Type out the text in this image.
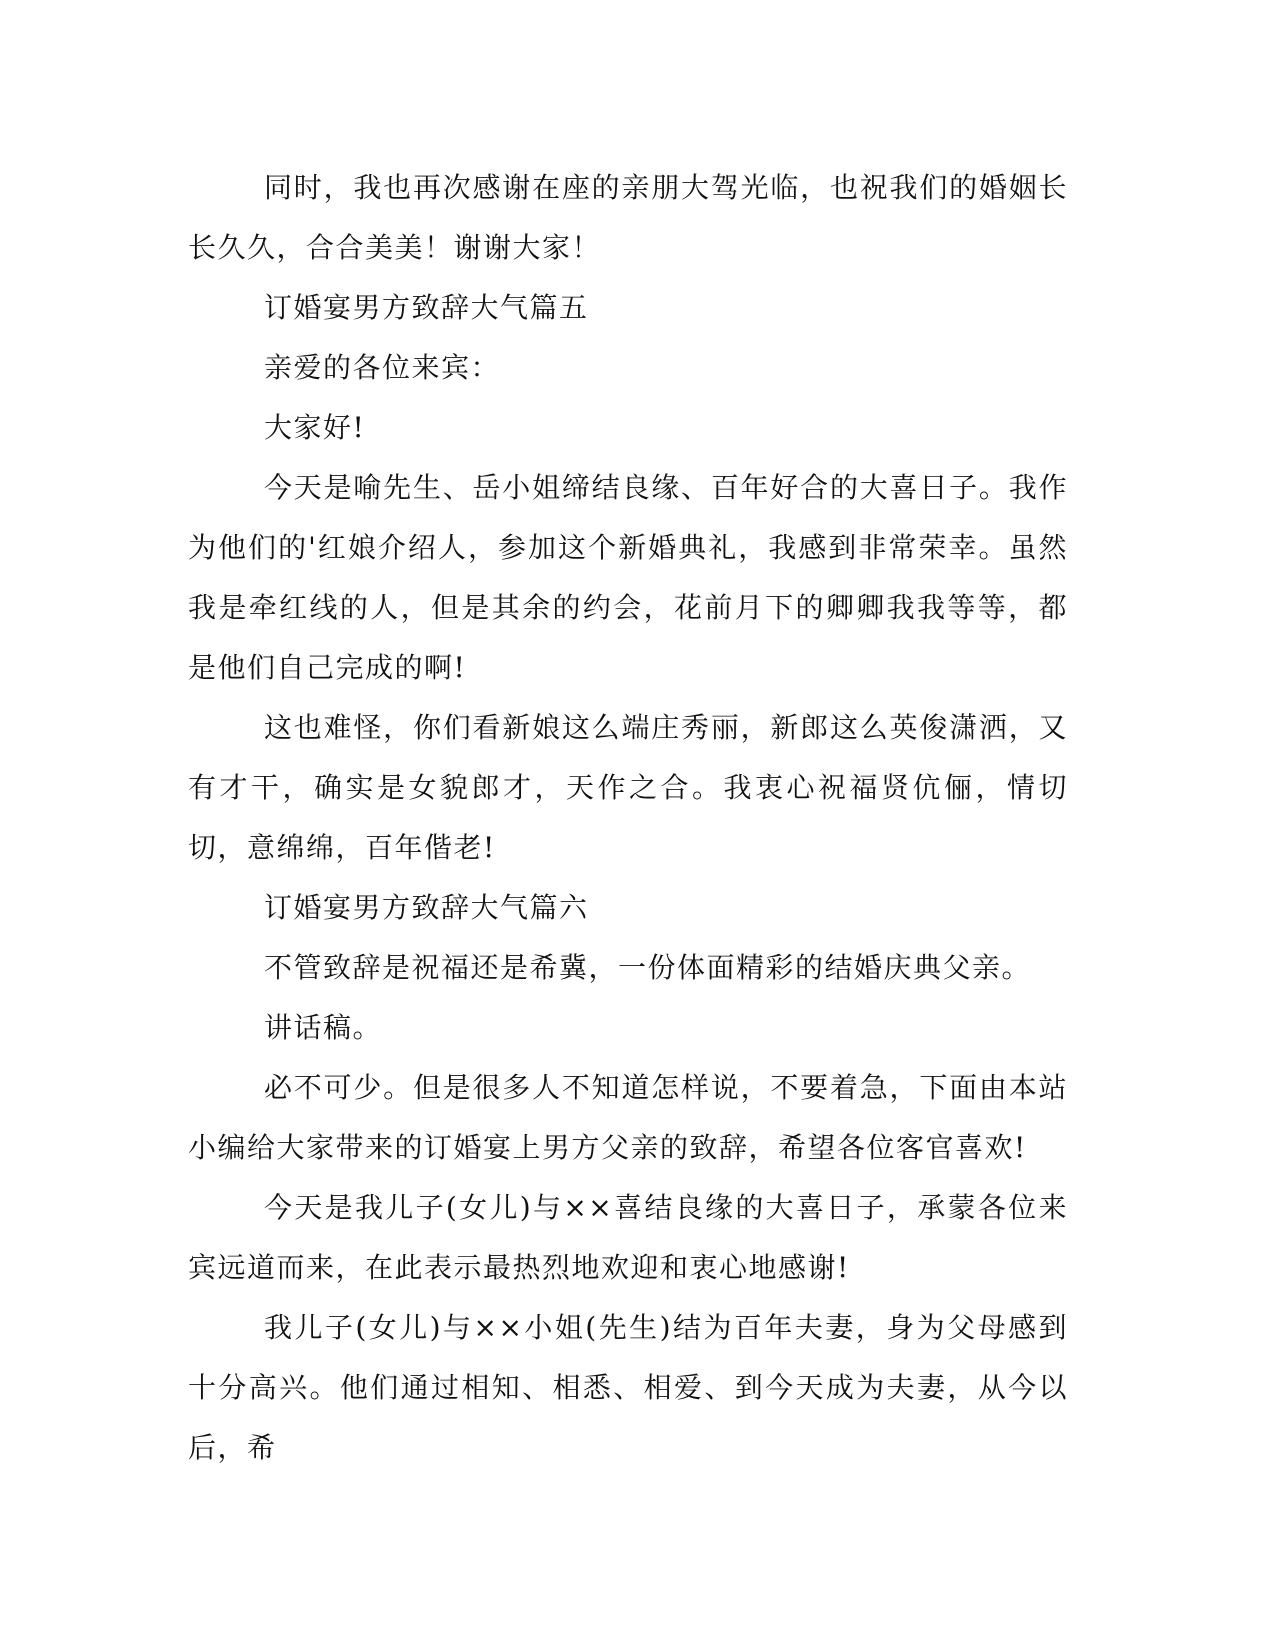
同时，我也再次感谢在座的亲朋大驾光临，也祝我们的婚姻长长久久，合合美美！谢谢大家！

订婚宴男方致辞大气篇五

亲爱的各位来宾：

大家好!

今天是喻先生、岳小姐缔结良缘、百年好合的大喜日子。我作为他们的'红娘介绍人，参加这个新婚典礼，我感到非常荣幸。虽然我是牵红线的人，但是其余的约会，花前月下的卿卿我我等等，都是他们自己完成的啊!

这也难怪，你们看新娘这么端庄秀丽，新郎这么英俊潇洒，又有才干，确实是女貌郎才，天作之合。我衷心祝福贤伉俪，情切切，意绵绵，百年偕老!

订婚宴男方致辞大气篇六

不管致辞是祝福还是希冀，一份体面精彩的结婚庆典父亲。

讲话稿。

必不可少。但是很多人不知道怎样说，不要着急，下面由本站小编给大家带来的订婚宴上男方父亲的致辞，希望各位客官喜欢!

今天是我儿子(女儿)与××喜结良缘的大喜日子，承蒙各位来宾远道而来，在此表示最热烈地欢迎和衷心地感谢!

我儿子(女儿)与××小姐(先生)结为百年夫妻，身为父母感到十分高兴。他们通过相知、相悉、相爱、到今天成为夫妻，从今以后，希
